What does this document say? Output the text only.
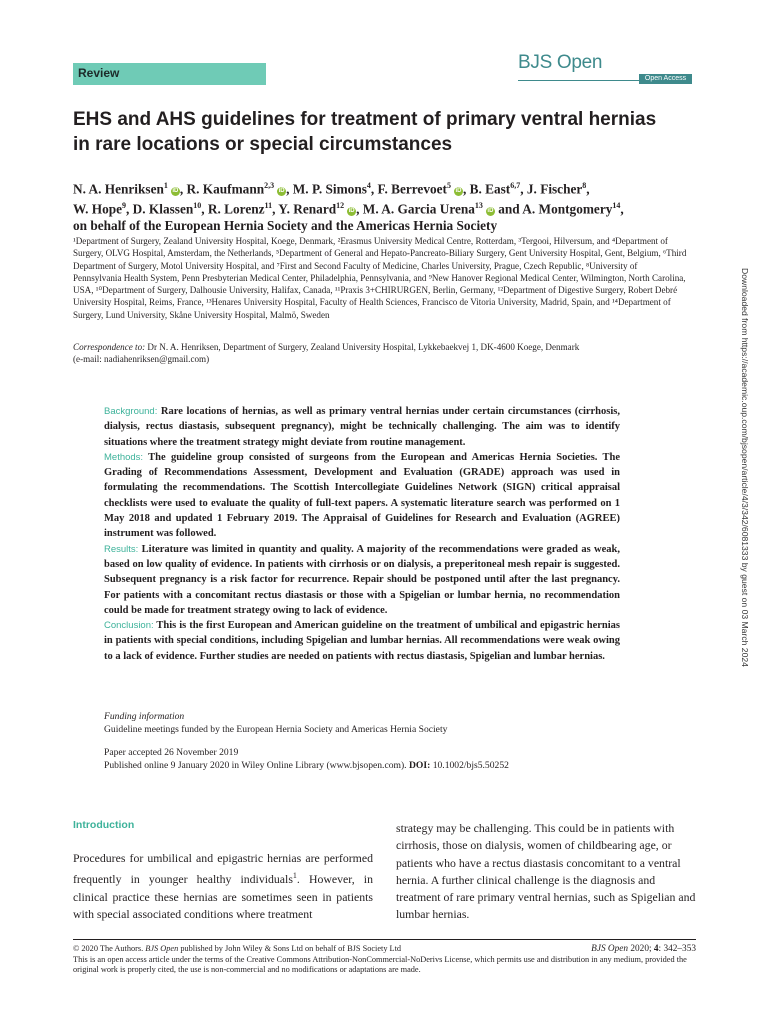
Review	BJS Open
Open Access
EHS and AHS guidelines for treatment of primary ventral hernias in rare locations or special circumstances
N. A. Henriksen$^1$iD , R. Kaufmann$^{2,3}$iD , M. P. Simons$^4$, F. Berrevoet$^5$iD , B. East$^{6,7}$, J. Fischer$^8$,
W. Hope$^9$, D. Klassen$^{10}$, R. Lorenz$^{11}$, Y. Renard$^{12}$iD , M. A. Garcia Urena$^{13}$iD and A. Montgomery$^{14}$,
on behalf of the European Hernia Society and the Americas Hernia Society
¹Department of Surgery, Zealand University Hospital, Koege, Denmark, ²Erasmus University Medical Centre, Rotterdam, ³Tergooi, Hilversum, and ⁴Department of Surgery, OLVG Hospital, Amsterdam, the Netherlands, ⁵Department of General and Hepato-Pancreato-Biliary Surgery, Gent University Hospital, Gent, Belgium, ⁶Third Department of Surgery, Motol University Hospital, and ⁷First and Second Faculty of Medicine, Charles University, Prague, Czech Republic, ⁸University of Pennsylvania Health System, Penn Presbyterian Medical Center, Philadelphia, Pennsylvania, and ⁹New Hanover Regional Medical Center, Wilmington, North Carolina, USA, ¹⁰Department of Surgery, Dalhousie University, Halifax, Canada, ¹¹Praxis 3+CHIRURGEN, Berlin, Germany, ¹²Department of Digestive Surgery, Robert Debré University Hospital, Reims, France, ¹³Henares University Hospital, Faculty of Health Sciences, Francisco de Vitoria University, Madrid, Spain, and ¹⁴Department of Surgery, Lund University, Skåne University Hospital, Malmö, Sweden
Correspondence to: Dr N. A. Henriksen, Department of Surgery, Zealand University Hospital, Lykkebaekvej 1, DK-4600 Koege, Denmark
(e-mail: nadiahenriksen@gmail.com)
Background: Rare locations of hernias, as well as primary ventral hernias under certain circumstances (cirrhosis, dialysis, rectus diastasis, subsequent pregnancy), might be technically challenging. The aim was to identify situations where the treatment strategy might deviate from routine management.
Methods: The guideline group consisted of surgeons from the European and Americas Hernia Societies. The Grading of Recommendations Assessment, Development and Evaluation (GRADE) approach was used in formulating the recommendations. The Scottish Intercollegiate Guidelines Network (SIGN) critical appraisal checklists were used to evaluate the quality of full-text papers. A systematic literature search was performed on 1 May 2018 and updated 1 February 2019. The Appraisal of Guidelines for Research and Evaluation (AGREE) instrument was followed.
Results: Literature was limited in quantity and quality. A majority of the recommendations were graded as weak, based on low quality of evidence. In patients with cirrhosis or on dialysis, a preperitoneal mesh repair is suggested. Subsequent pregnancy is a risk factor for recurrence. Repair should be postponed until after the last pregnancy. For patients with a concomitant rectus diastasis or those with a Spigelian or lumbar hernia, no recommendation could be made for treatment strategy owing to lack of evidence.
Conclusion: This is the first European and American guideline on the treatment of umbilical and epigastric hernias in patients with special conditions, including Spigelian and lumbar hernias. All recommendations were weak owing to a lack of evidence. Further studies are needed on patients with rectus diastasis, Spigelian and lumbar hernias.
Funding information
Guideline meetings funded by the European Hernia Society and Americas Hernia Society
Paper accepted 26 November 2019
Published online 9 January 2020 in Wiley Online Library (www.bjsopen.com). DOI: 10.1002/bjs5.50252
Introduction
Procedures for umbilical and epigastric hernias are performed frequently in younger healthy individuals$^1$. However, in clinical practice these hernias are sometimes seen in patients with special associated conditions where treatment
strategy may be challenging. This could be in patients with cirrhosis, those on dialysis, women of childbearing age, or patients who have a rectus diastasis concomitant to a ventral hernia. A further clinical challenge is the diagnosis and treatment of rare primary ventral hernias, such as Spigelian and lumbar hernias.
© 2020 The Authors. BJS Open published by John Wiley & Sons Ltd on behalf of BJS Society Ltd	BJS Open 2020; 4: 342–353

This is an open access article under the terms of the Creative Commons Attribution-NonCommercial-NoDerivs License, which permits use and distribution in any medium, provided the original work is properly cited, the use is non-commercial and no modifications or adaptations are made.
Downloaded from https://academic.oup.com/bjsopen/article/4/3/342/6081333 by guest on 03 March 2024
